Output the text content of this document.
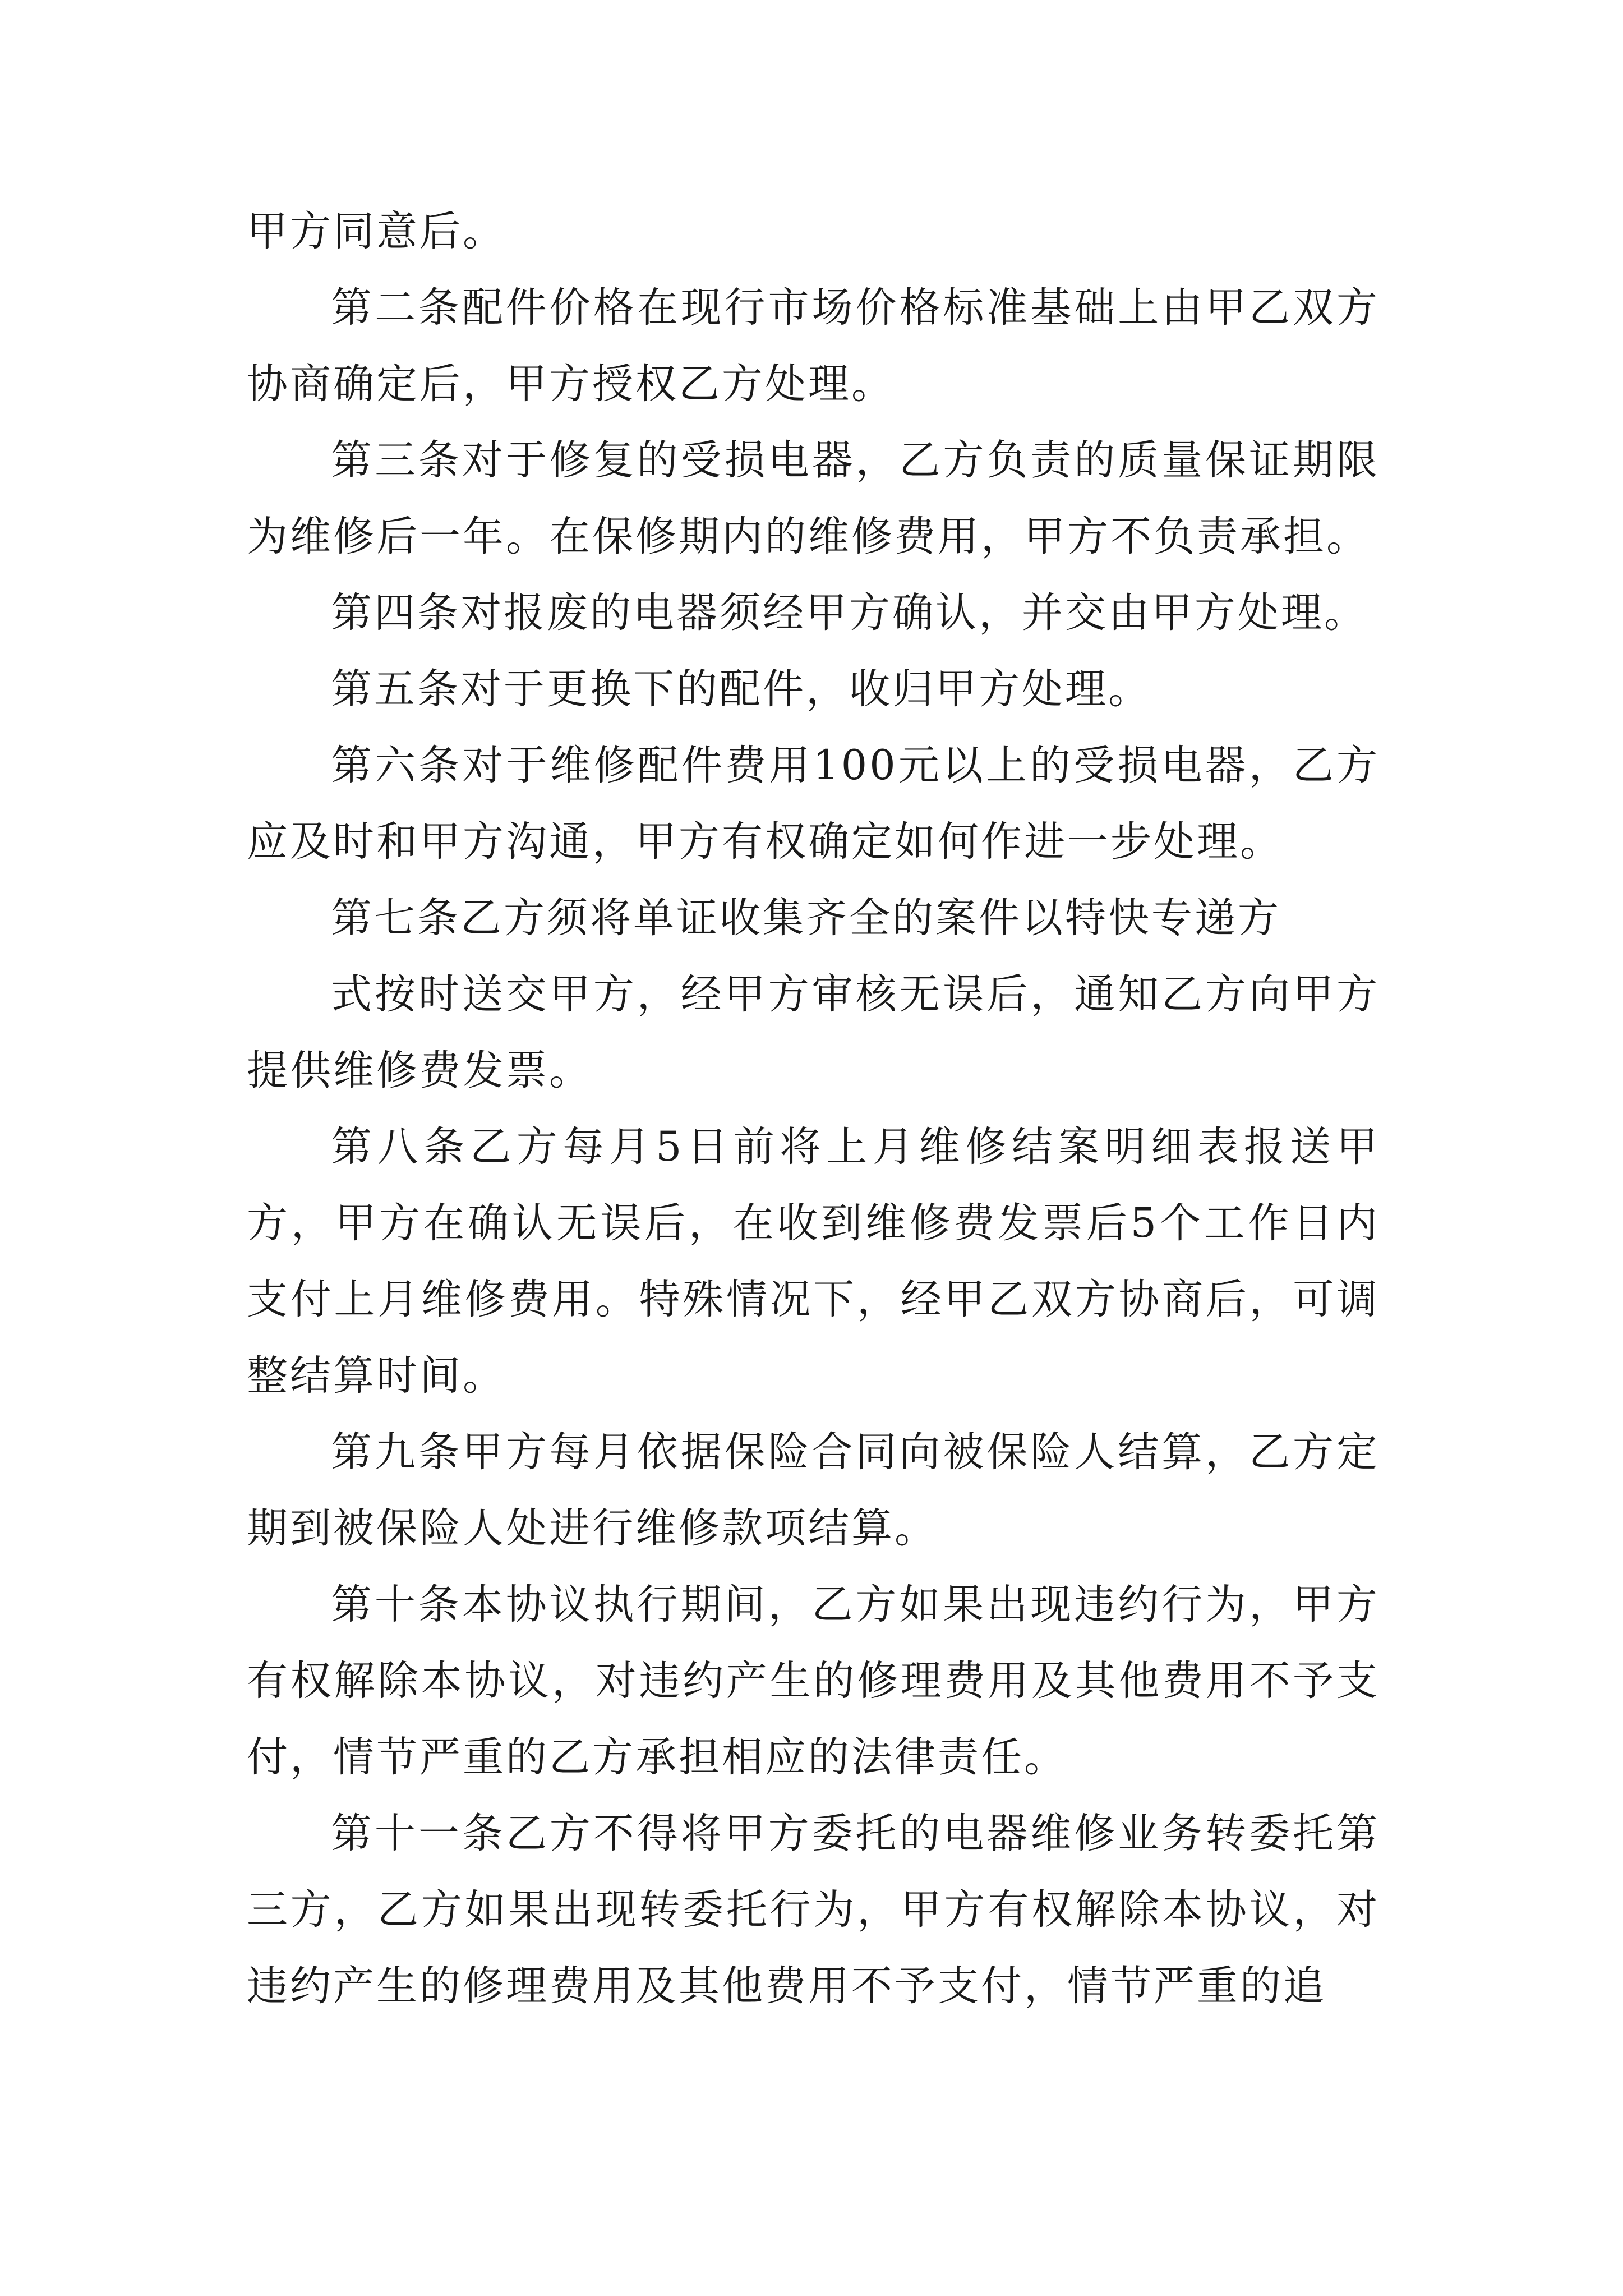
甲方同意后。

第二条配件价格在现行市场价格标准基础上由甲乙双方协商确定后，甲方授权乙方处理。

第三条对于修复的受损电器，乙方负责的质量保证期限为维修后一年。在保修期内的维修费用，甲方不负责承担。

第四条对报废的电器须经甲方确认，并交由甲方处理。

第五条对于更换下的配件，收归甲方处理。

第六条对于维修配件费用100元以上的受损电器，乙方应及时和甲方沟通，甲方有权确定如何作进一步处理。

第七条乙方须将单证收集齐全的案件以特快专递方

式按时送交甲方，经甲方审核无误后，通知乙方向甲方提供维修费发票。

第八条乙方每月5日前将上月维修结案明细表报送甲方，甲方在确认无误后，在收到维修费发票后5个工作日内支付上月维修费用。特殊情况下，经甲乙双方协商后，可调整结算时间。

第九条甲方每月依据保险合同向被保险人结算，乙方定期到被保险人处进行维修款项结算。

第十条本协议执行期间，乙方如果出现违约行为，甲方有权解除本协议，对违约产生的修理费用及其他费用不予支付，情节严重的乙方承担相应的法律责任。

第十一条乙方不得将甲方委托的电器维修业务转委托第三方，乙方如果出现转委托行为，甲方有权解除本协议，对违约产生的修理费用及其他费用不予支付，情节严重的追
